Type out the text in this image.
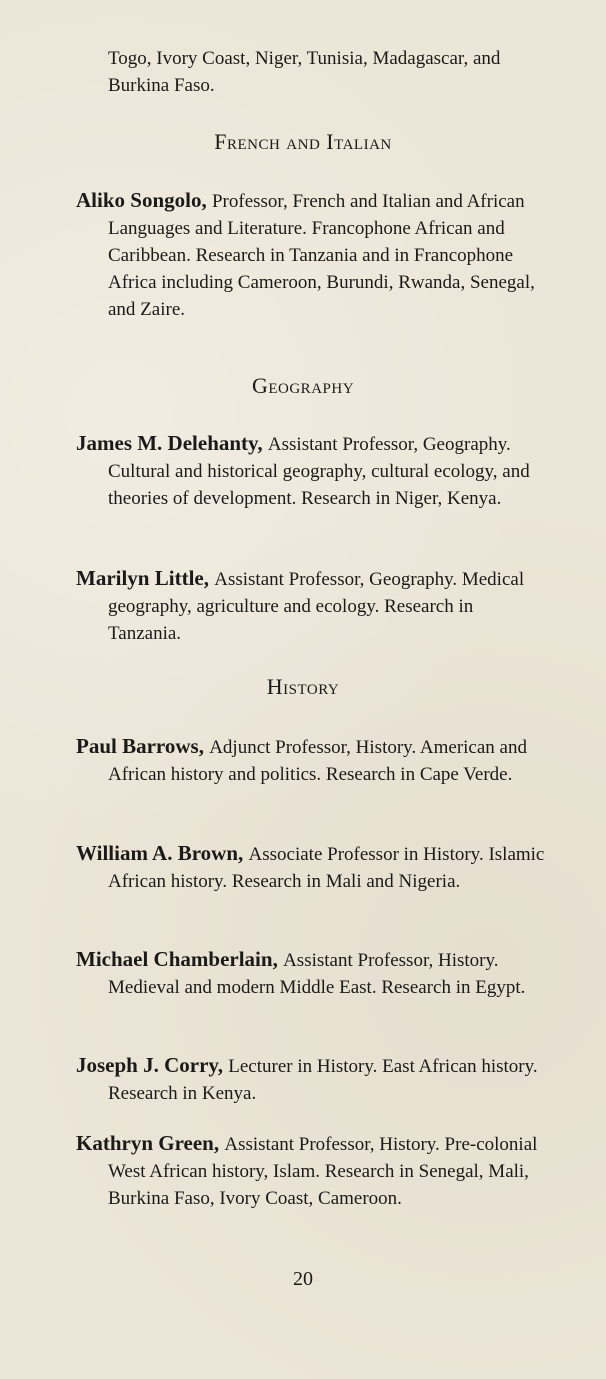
Togo, Ivory Coast, Niger, Tunisia, Madagascar, and Burkina Faso.
French and Italian
Aliko Songolo, Professor, French and Italian and African Languages and Literature. Francophone African and Caribbean. Research in Tanzania and in Francophone Africa including Cameroon, Burundi, Rwanda, Senegal, and Zaire.
Geography
James M. Delehanty, Assistant Professor, Geography. Cultural and historical geography, cultural ecology, and theories of development. Research in Niger, Kenya.
Marilyn Little, Assistant Professor, Geography. Medical geography, agriculture and ecology. Research in Tanzania.
History
Paul Barrows, Adjunct Professor, History. American and African history and politics. Research in Cape Verde.
William A. Brown, Associate Professor in History. Islamic African history. Research in Mali and Nigeria.
Michael Chamberlain, Assistant Professor, History. Medieval and modern Middle East. Research in Egypt.
Joseph J. Corry, Lecturer in History. East African history. Research in Kenya.
Kathryn Green, Assistant Professor, History. Pre-colonial West African history, Islam. Research in Senegal, Mali, Burkina Faso, Ivory Coast, Cameroon.
20
